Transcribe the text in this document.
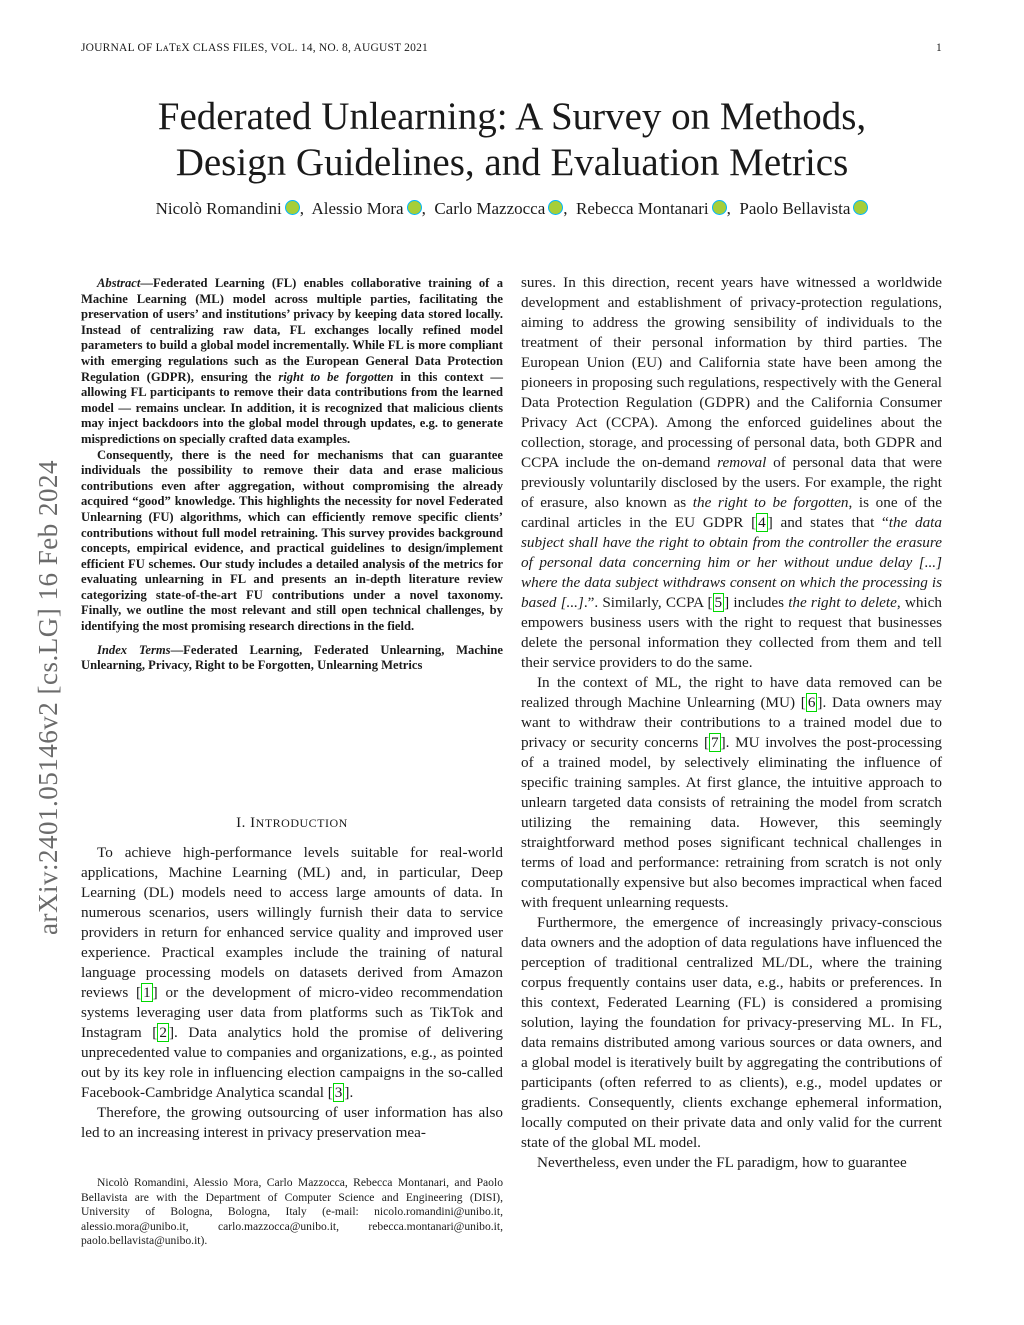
JOURNAL OF LᴀTᴇX CLASS FILES, VOL. 14, NO. 8, AUGUST 2021	1
Federated Unlearning: A Survey on Methods,
Design Guidelines, and Evaluation Metrics
Nicolò Romandini ,  Alessio Mora ,  Carlo Mazzocca ,  Rebecca Montanari ,  Paolo Bellavista
arXiv:2401.05146v2 [cs.LG] 16 Feb 2024

Abstract—Federated Learning (FL) enables collaborative training of a Machine Learning (ML) model across multiple parties, facilitating the preservation of users’ and institutions’ privacy by keeping data stored locally. Instead of centralizing raw data, FL exchanges locally refined model parameters to build a global model incrementally. While FL is more compliant with emerging regulations such as the European General Data Protection Regulation (GDPR), ensuring the right to be forgotten in this context — allowing FL participants to remove their data contributions from the learned model — remains unclear. In addition, it is recognized that malicious clients may inject backdoors into the global model through updates, e.g. to generate mispredictions on specially crafted data examples.

Consequently, there is the need for mechanisms that can guarantee individuals the possibility to remove their data and erase malicious contributions even after aggregation, without compromising the already acquired “good” knowledge. This highlights the necessity for novel Federated Unlearning (FU) algorithms, which can efficiently remove specific clients’ contributions without full model retraining. This survey provides background concepts, empirical evidence, and practical guidelines to design/implement efficient FU schemes. Our study includes a detailed analysis of the metrics for evaluating unlearning in FL and presents an in-depth literature review categorizing state-of-the-art FU contributions under a novel taxonomy. Finally, we outline the most relevant and still open technical challenges, by identifying the most promising research directions in the field.

Index Terms—Federated Learning, Federated Unlearning, Machine Unlearning, Privacy, Right to be Forgotten, Unlearning Metrics

I. INTRODUCTION

To achieve high-performance levels suitable for real-world applications, Machine Learning (ML) and, in particular, Deep Learning (DL) models need to access large amounts of data. In numerous scenarios, users willingly furnish their data to service providers in return for enhanced service quality and improved user experience. Practical examples include the training of natural language processing models on datasets derived from Amazon reviews [ 1 ] or the development of micro-video recommendation systems leveraging user data from platforms such as TikTok and Instagram [ 2 ]. Data analytics hold the promise of delivering unprecedented value to companies and organizations, e.g., as pointed out by its key role in influencing election campaigns in the so-called Facebook-Cambridge Analytica scandal [ 3 ].

Therefore, the growing outsourcing of user information has also led to an increasing interest in privacy preservation mea-

Nicolò Romandini, Alessio Mora, Carlo Mazzocca, Rebecca Montanari, and Paolo Bellavista are with the Department of Computer Science and Engineering (DISI), University of Bologna, Bologna, Italy (e-mail: nicolo.romandini@unibo.it, alessio.mora@unibo.it, carlo.mazzocca@unibo.it, rebecca.montanari@unibo.it, paolo.bellavista@unibo.it).

sures. In this direction, recent years have witnessed a worldwide development and establishment of privacy-protection regulations, aiming to address the growing sensibility of individuals to the treatment of their personal information by third parties. The European Union (EU) and California state have been among the pioneers in proposing such regulations, respectively with the General Data Protection Regulation (GDPR) and the California Consumer Privacy Act (CCPA). Among the enforced guidelines about the collection, storage, and processing of personal data, both GDPR and CCPA include the on-demand removal of personal data that were previously voluntarily disclosed by the users. For example, the right of erasure, also known as the right to be forgotten, is one of the cardinal articles in the EU GDPR [ 4 ] and states that “the data subject shall have the right to obtain from the controller the erasure of personal data concerning him or her without undue delay [...] where the data subject withdraws consent on which the processing is based [...].”. Similarly, CCPA [ 5 ] includes the right to delete, which empowers business users with the right to request that businesses delete the personal information they collected from them and tell their service providers to do the same.

In the context of ML, the right to have data removed can be realized through Machine Unlearning (MU) [ 6 ]. Data owners may want to withdraw their contributions to a trained model due to privacy or security concerns [ 7 ]. MU involves the post-processing of a trained model, by selectively eliminating the influence of specific training samples. At first glance, the intuitive approach to unlearn targeted data consists of retraining the model from scratch utilizing the remaining data. However, this seemingly straightforward method poses significant technical challenges in terms of load and performance: retraining from scratch is not only computationally expensive but also becomes impractical when faced with frequent unlearning requests.

Furthermore, the emergence of increasingly privacy-conscious data owners and the adoption of data regulations have influenced the perception of traditional centralized ML/DL, where the training corpus frequently contains user data, e.g., habits or preferences. In this context, Federated Learning (FL) is considered a promising solution, laying the foundation for privacy-preserving ML. In FL, data remains distributed among various sources or data owners, and a global model is iteratively built by aggregating the contributions of participants (often referred to as clients), e.g., model updates or gradients. Consequently, clients exchange ephemeral information, locally computed on their private data and only valid for the current state of the global ML model.

Nevertheless, even under the FL paradigm, how to guarantee
